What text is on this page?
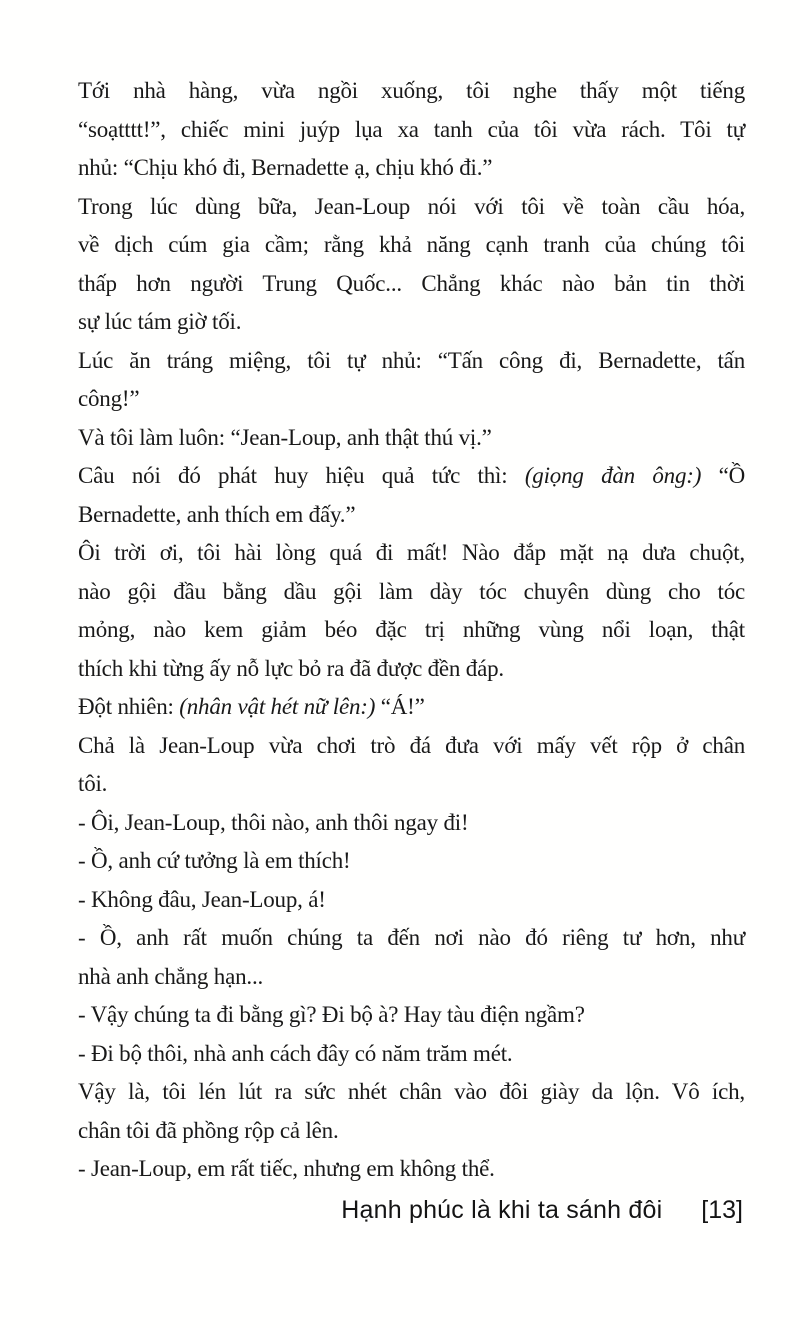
Tới nhà hàng, vừa ngồi xuống, tôi nghe thấy một tiếng
“soạtttt!”, chiếc mini juýp lụa xa tanh của tôi vừa rách. Tôi tự
nhủ: “Chịu khó đi, Bernadette ạ, chịu khó đi.”
Trong lúc dùng bữa, Jean-Loup nói với tôi về toàn cầu hóa,
về dịch cúm gia cầm; rằng khả năng cạnh tranh của chúng tôi
thấp hơn người Trung Quốc... Chẳng khác nào bản tin thời
sự lúc tám giờ tối.
Lúc ăn tráng miệng, tôi tự nhủ: “Tấn công đi, Bernadette, tấn
công!”
Và tôi làm luôn: “Jean-Loup, anh thật thú vị.”
Câu nói đó phát huy hiệu quả tức thì: (giọng đàn ông:) “Ồ
Bernadette, anh thích em đấy.”
Ôi trời ơi, tôi hài lòng quá đi mất! Nào đắp mặt nạ dưa chuột,
nào gội đầu bằng dầu gội làm dày tóc chuyên dùng cho tóc
mỏng, nào kem giảm béo đặc trị những vùng nổi loạn, thật
thích khi từng ấy nỗ lực bỏ ra đã được đền đáp.
Đột nhiên: (nhân vật hét nữ lên:) “Á!”
Chả là Jean-Loup vừa chơi trò đá đưa với mấy vết rộp ở chân
tôi.
- Ôi, Jean-Loup, thôi nào, anh thôi ngay đi!
- Ồ, anh cứ tưởng là em thích!
- Không đâu, Jean-Loup, á!
- Ồ, anh rất muốn chúng ta đến nơi nào đó riêng tư hơn, như
nhà anh chẳng hạn...
- Vậy chúng ta đi bằng gì? Đi bộ à? Hay tàu điện ngầm?
- Đi bộ thôi, nhà anh cách đây có năm trăm mét.
Vậy là, tôi lén lút ra sức nhét chân vào đôi giày da lộn. Vô ích,
chân tôi đã phồng rộp cả lên.
- Jean-Loup, em rất tiếc, nhưng em không thể.
Hạnh phúc là khi ta sánh đôi [13]
